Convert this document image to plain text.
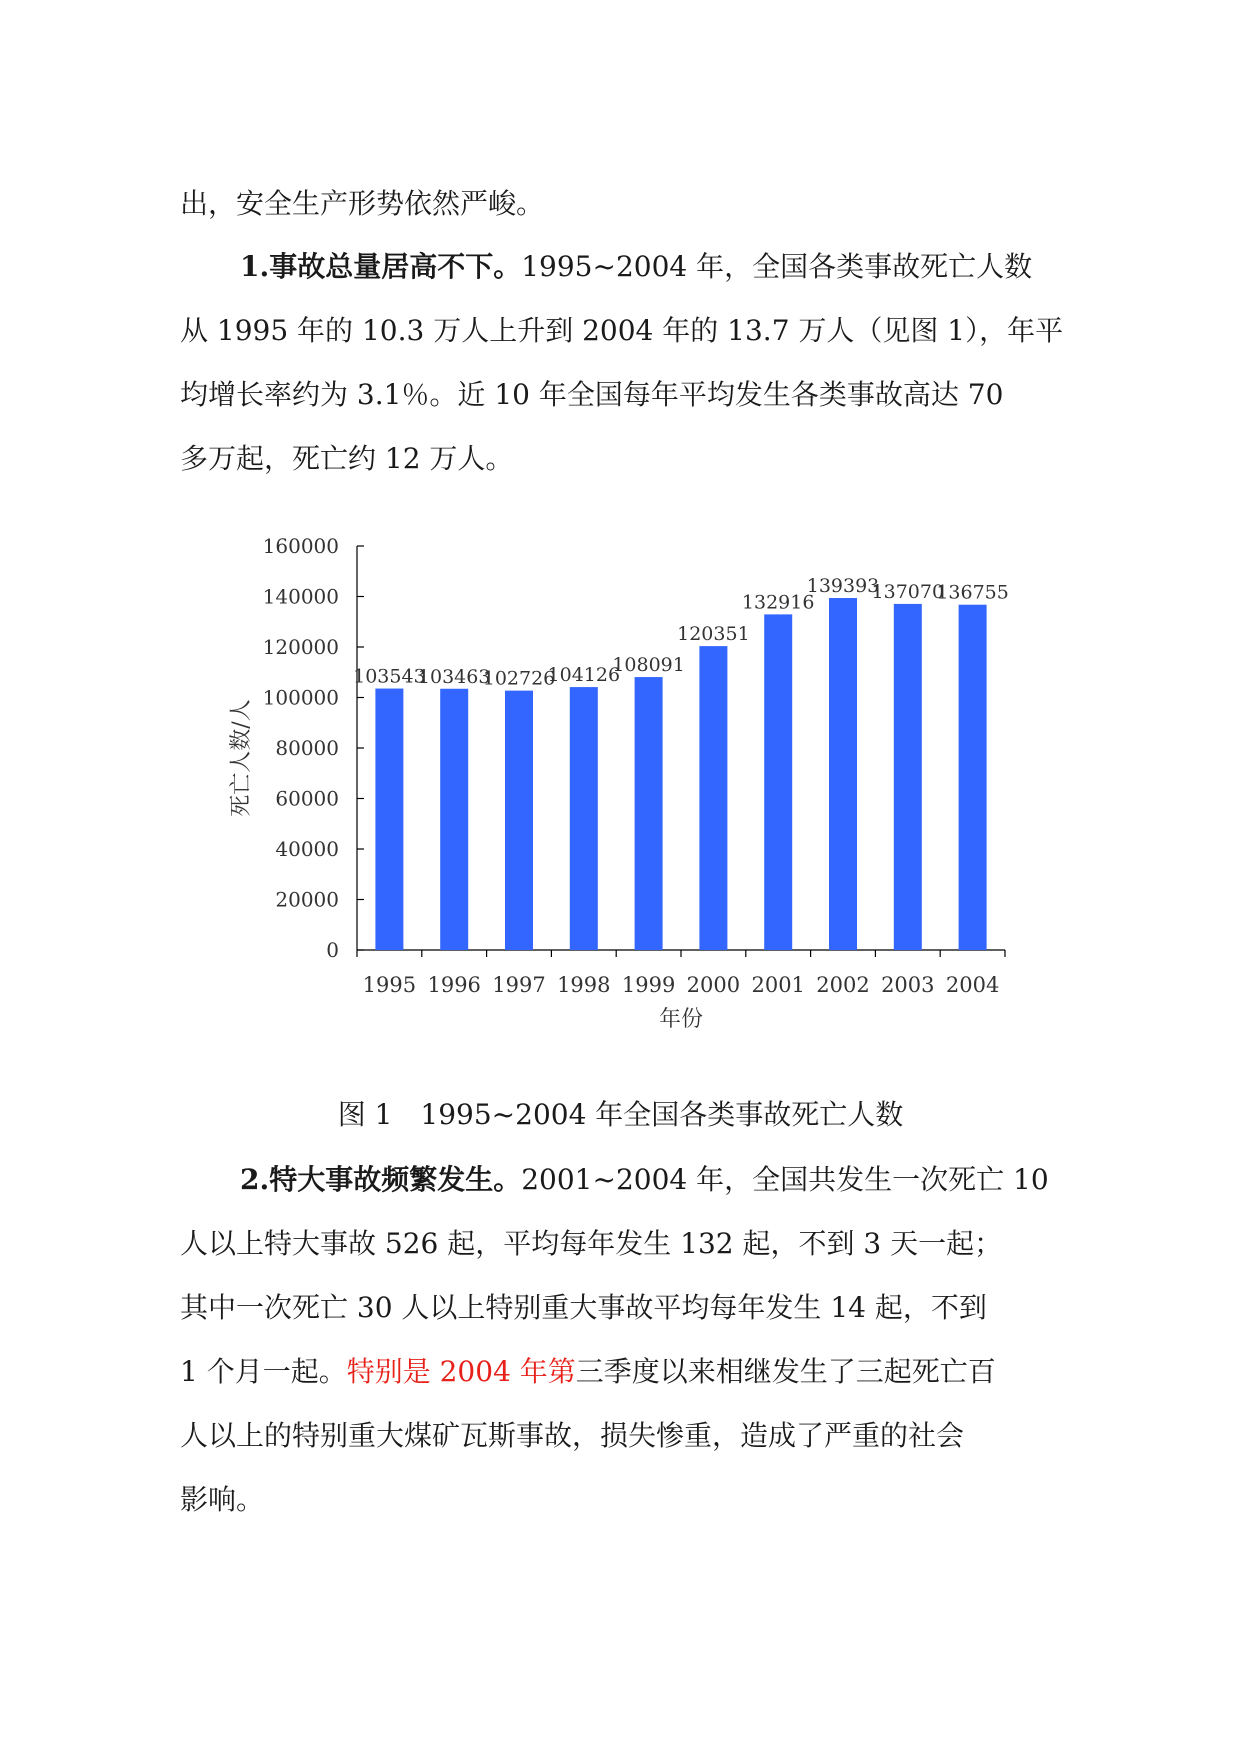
出，安全生产形势依然严峻。
1.事故总量居高不下。1995~2004 年，全国各类事故死亡人数
从 1995 年的 10.3 万人上升到 2004 年的 13.7 万人（见图 1），年平
均增长率约为 3.1％。近 10 年全国每年平均发生各类事故高达 70
多万起，死亡约 12 万人。
0
20000
40000
60000
80000
100000
120000
140000
160000
103543
1995
103463
1996
102726
1997
104126
1998
108091
1999
120351
2000
132916
2001
139393
2002
137070
2003
136755
2004
年份
死亡人数/人
图 1　1995~2004 年全国各类事故死亡人数
2.特大事故频繁发生。2001~2004 年，全国共发生一次死亡 10
人以上特大事故 526 起，平均每年发生 132 起，不到 3 天一起；
其中一次死亡 30 人以上特别重大事故平均每年发生 14 起，不到
1 个月一起。特别是 2004 年第三季度以来相继发生了三起死亡百
人以上的特别重大煤矿瓦斯事故，损失惨重，造成了严重的社会
影响。
